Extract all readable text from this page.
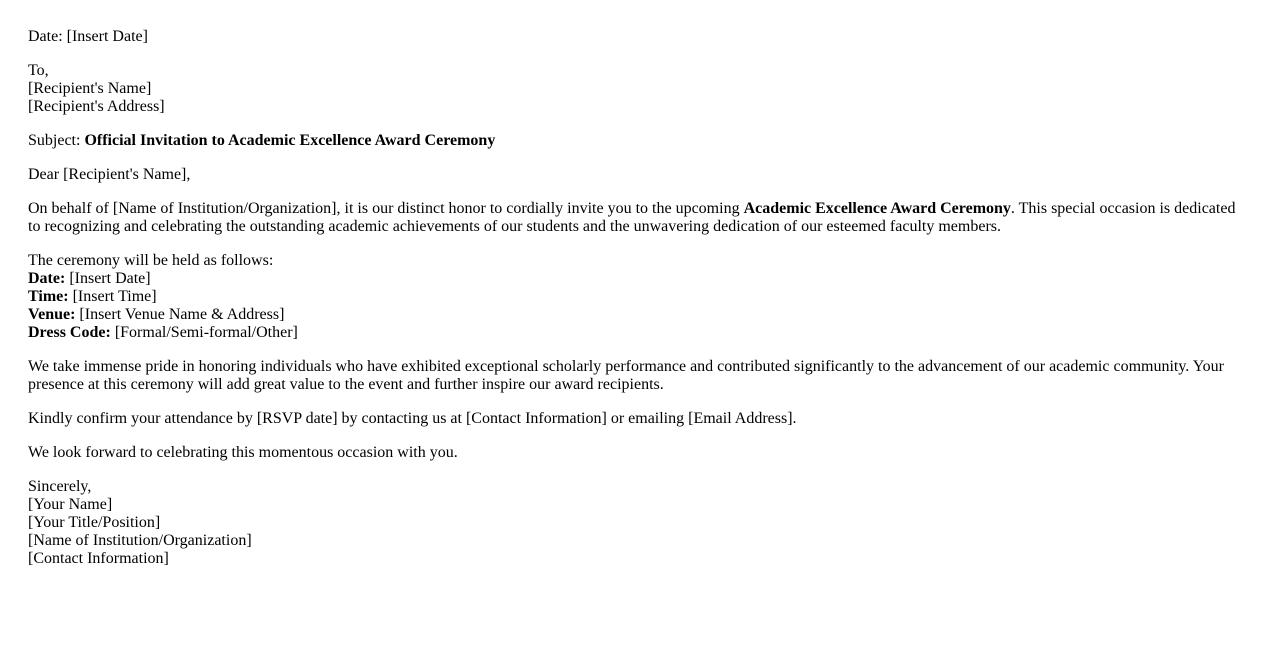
Date: [Insert Date]

To,
[Recipient's Name]
[Recipient's Address]

Subject: Official Invitation to Academic Excellence Award Ceremony

Dear [Recipient's Name],

On behalf of [Name of Institution/Organization], it is our distinct honor to cordially invite you to the upcoming Academic Excellence Award Ceremony. This special occasion is dedicated to recognizing and celebrating the outstanding academic achievements of our students and the unwavering dedication of our esteemed faculty members.

The ceremony will be held as follows:
Date: [Insert Date]
Time: [Insert Time]
Venue: [Insert Venue Name & Address]
Dress Code: [Formal/Semi-formal/Other]

We take immense pride in honoring individuals who have exhibited exceptional scholarly performance and contributed significantly to the advancement of our academic community. Your presence at this ceremony will add great value to the event and further inspire our award recipients.

Kindly confirm your attendance by [RSVP date] by contacting us at [Contact Information] or emailing [Email Address].

We look forward to celebrating this momentous occasion with you.

Sincerely,
[Your Name]
[Your Title/Position]
[Name of Institution/Organization]
[Contact Information]
